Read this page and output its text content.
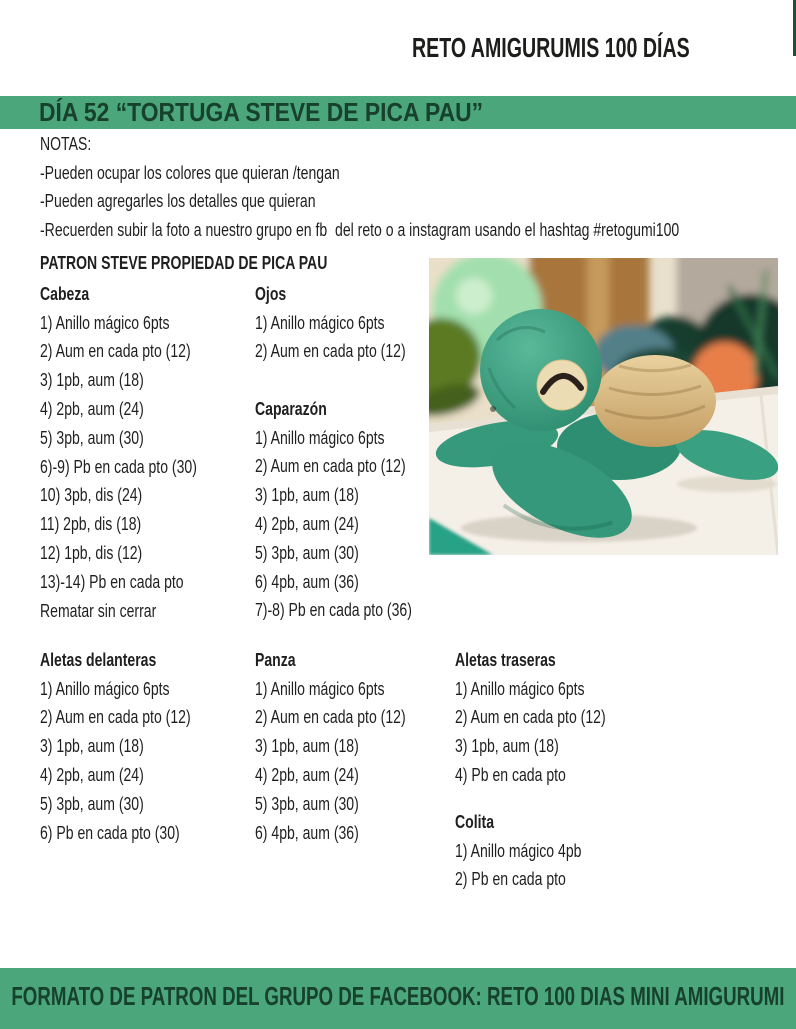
RETO AMIGURUMIS 100 DÍAS
DÍA 52 “TORTUGA STEVE DE PICA PAU”
NOTAS:
-Pueden ocupar los colores que quieran /tengan
-Pueden agregarles los detalles que quieran
-Recuerden subir la foto a nuestro grupo en fb  del reto o a instagram usando el hashtag #retogumi100
PATRON STEVE PROPIEDAD DE PICA PAU
Cabeza
1) Anillo mágico 6pts
2) Aum en cada pto (12)
3) 1pb, aum (18)
4) 2pb, aum (24)
5) 3pb, aum (30)
6)-9) Pb en cada pto (30)
10) 3pb, dis (24)
11) 2pb, dis (18)
12) 1pb, dis (12)
13)-14) Pb en cada pto
Rematar sin cerrar
Ojos
1) Anillo mágico 6pts
2) Aum en cada pto (12)
Caparazón
1) Anillo mágico 6pts
2) Aum en cada pto (12)
3) 1pb, aum (18)
4) 2pb, aum (24)
5) 3pb, aum (30)
6) 4pb, aum (36)
7)-8) Pb en cada pto (36)
Aletas delanteras
1) Anillo mágico 6pts
2) Aum en cada pto (12)
3) 1pb, aum (18)
4) 2pb, aum (24)
5) 3pb, aum (30)
6) Pb en cada pto (30)
Panza
1) Anillo mágico 6pts
2) Aum en cada pto (12)
3) 1pb, aum (18)
4) 2pb, aum (24)
5) 3pb, aum (30)
6) 4pb, aum (36)
Aletas traseras
1) Anillo mágico 6pts
2) Aum en cada pto (12)
3) 1pb, aum (18)
4) Pb en cada pto
Colita
1) Anillo mágico 4pb
2) Pb en cada pto
FORMATO DE PATRON DEL GRUPO DE FACEBOOK: RETO 100 DIAS MINI AMIGURUMI
